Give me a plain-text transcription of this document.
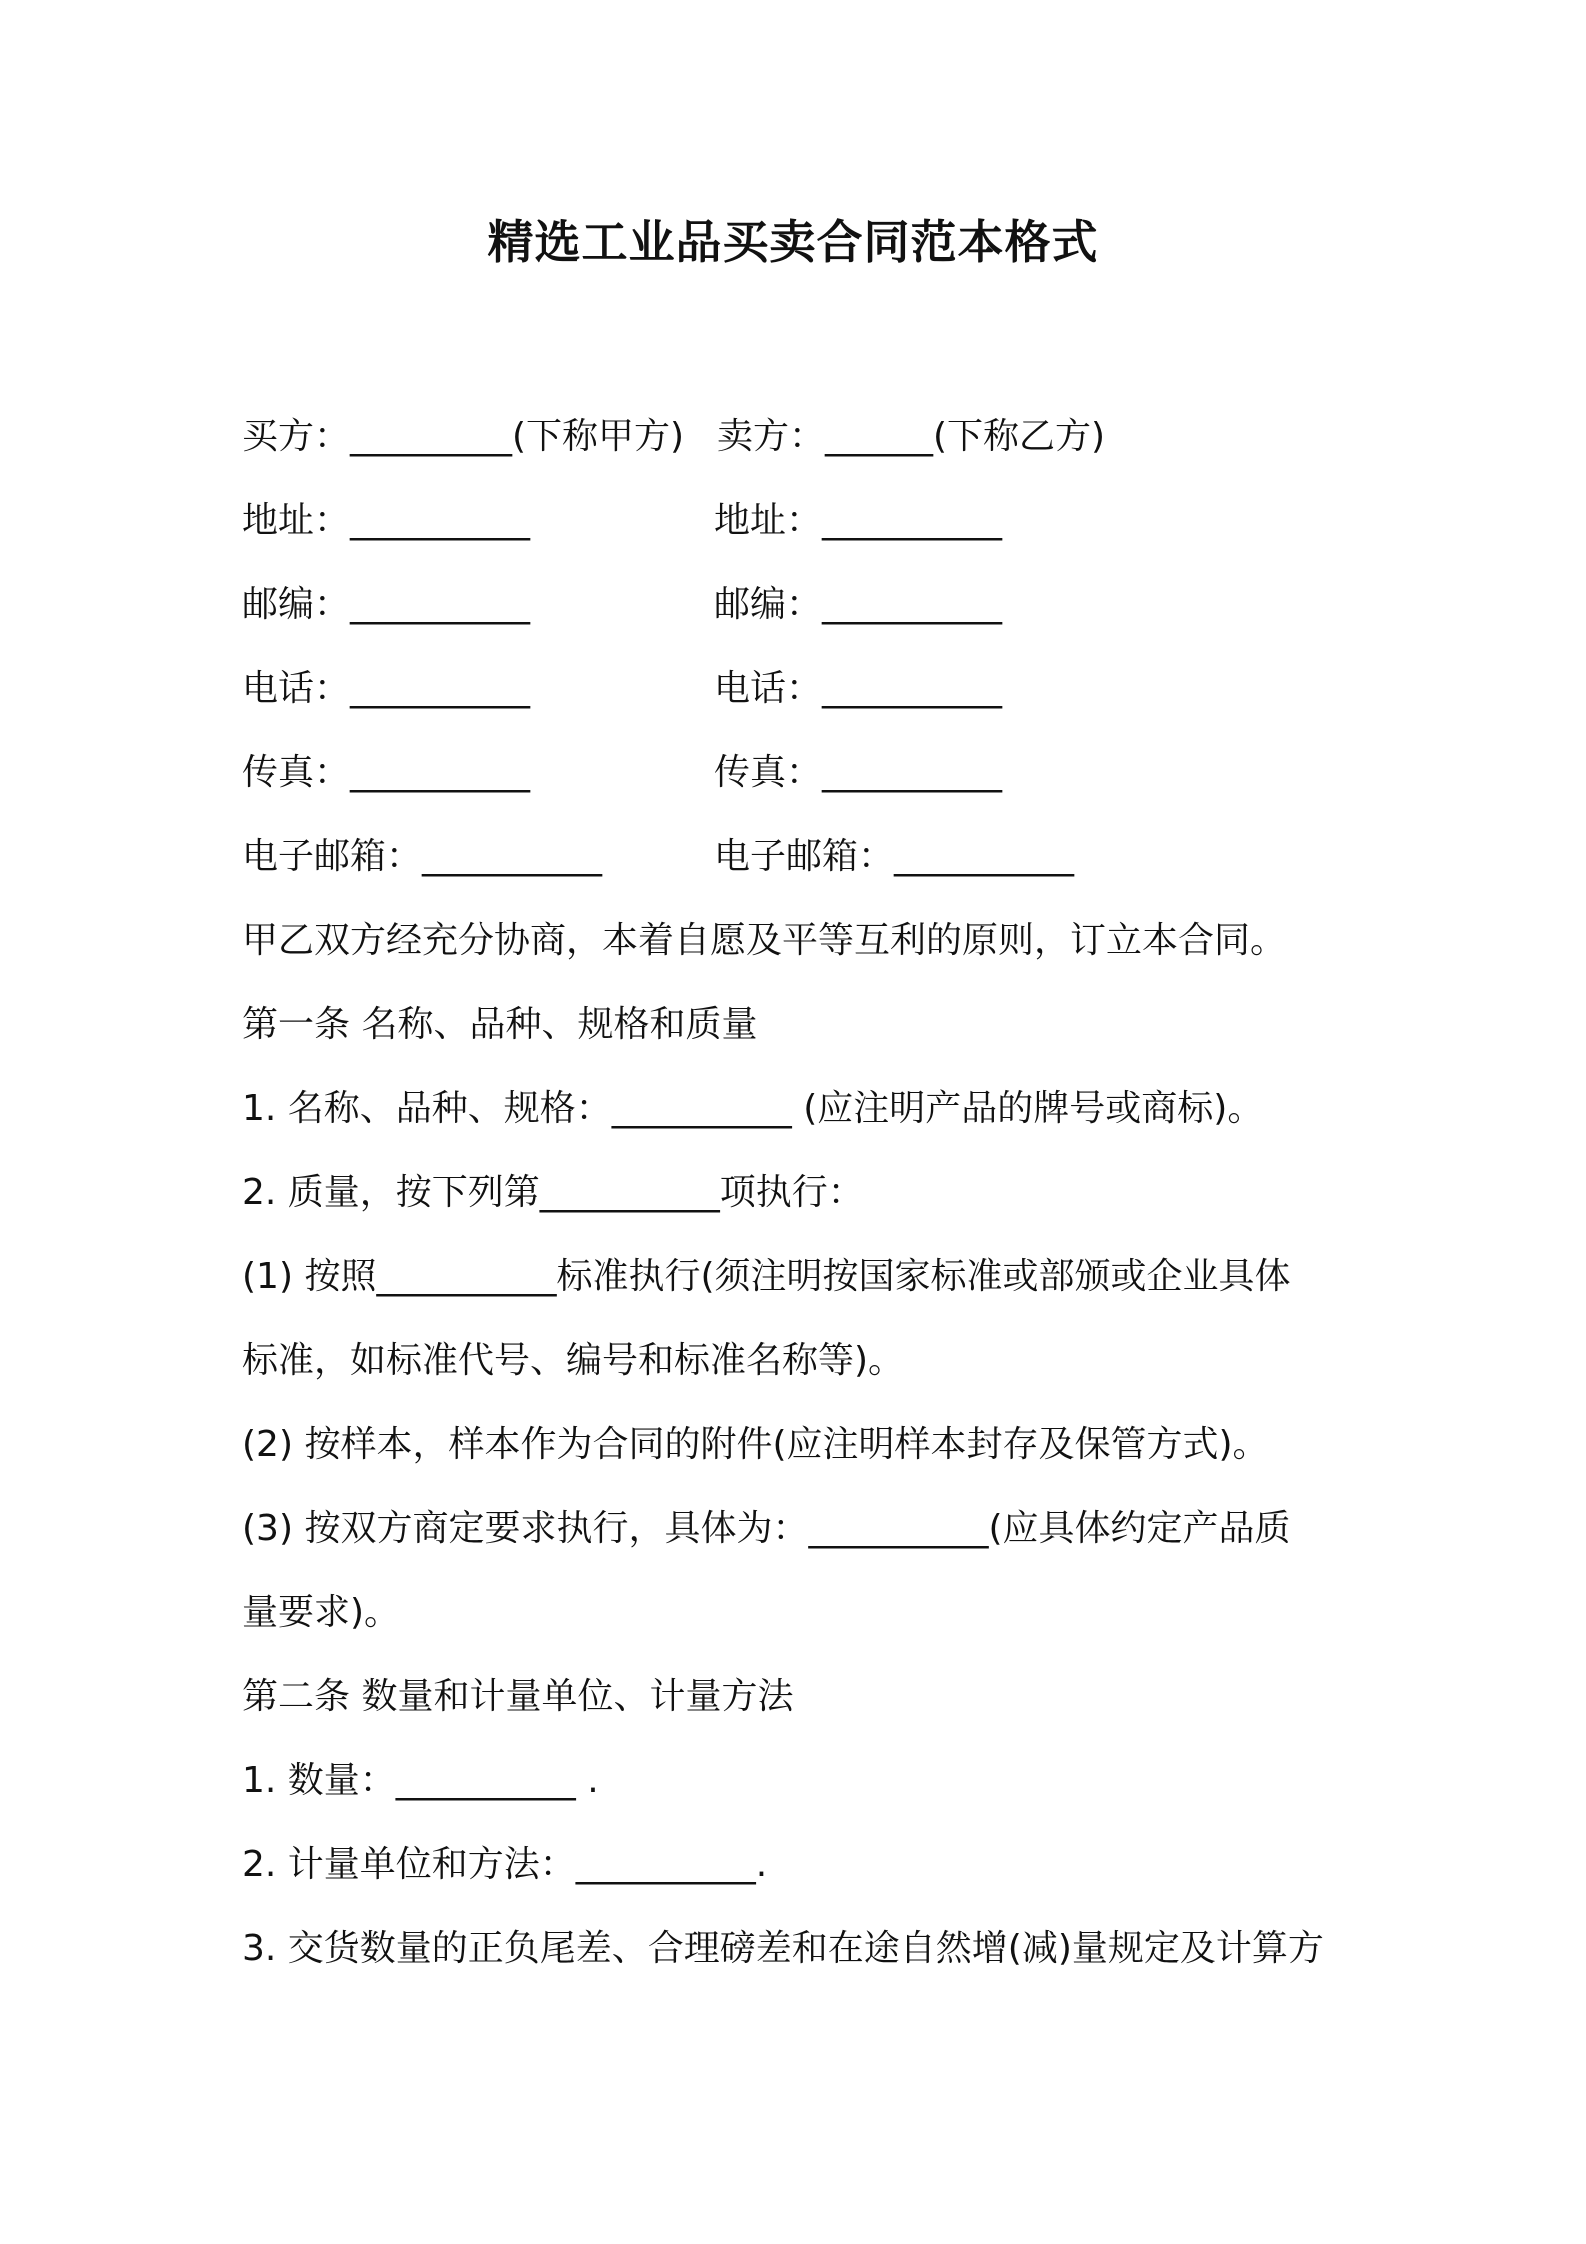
精选工业品买卖合同范本格式
买方：_________(下称甲方) 卖方：______(下称乙方)
地址：__________	地址：__________
邮编：__________	邮编：__________
电话：__________	电话：__________
传真：__________	传真：__________
电子邮箱：__________	电子邮箱：__________
甲乙双方经充分协商，本着自愿及平等互利的原则，订立本合同。
第一条 名称、品种、规格和质量
1. 名称、品种、规格：__________ (应注明产品的牌号或商标)。
2. 质量，按下列第__________项执行：
(1) 按照__________标准执行(须注明按国家标准或部颁或企业具体
标准，如标准代号、编号和标准名称等)。
(2) 按样本，样本作为合同的附件(应注明样本封存及保管方式)。
(3) 按双方商定要求执行，具体为：__________(应具体约定产品质
量要求)。
第二条 数量和计量单位、计量方法
1. 数量：__________ .
2. 计量单位和方法：__________.
3. 交货数量的正负尾差、合理磅差和在途自然增(减)量规定及计算方
